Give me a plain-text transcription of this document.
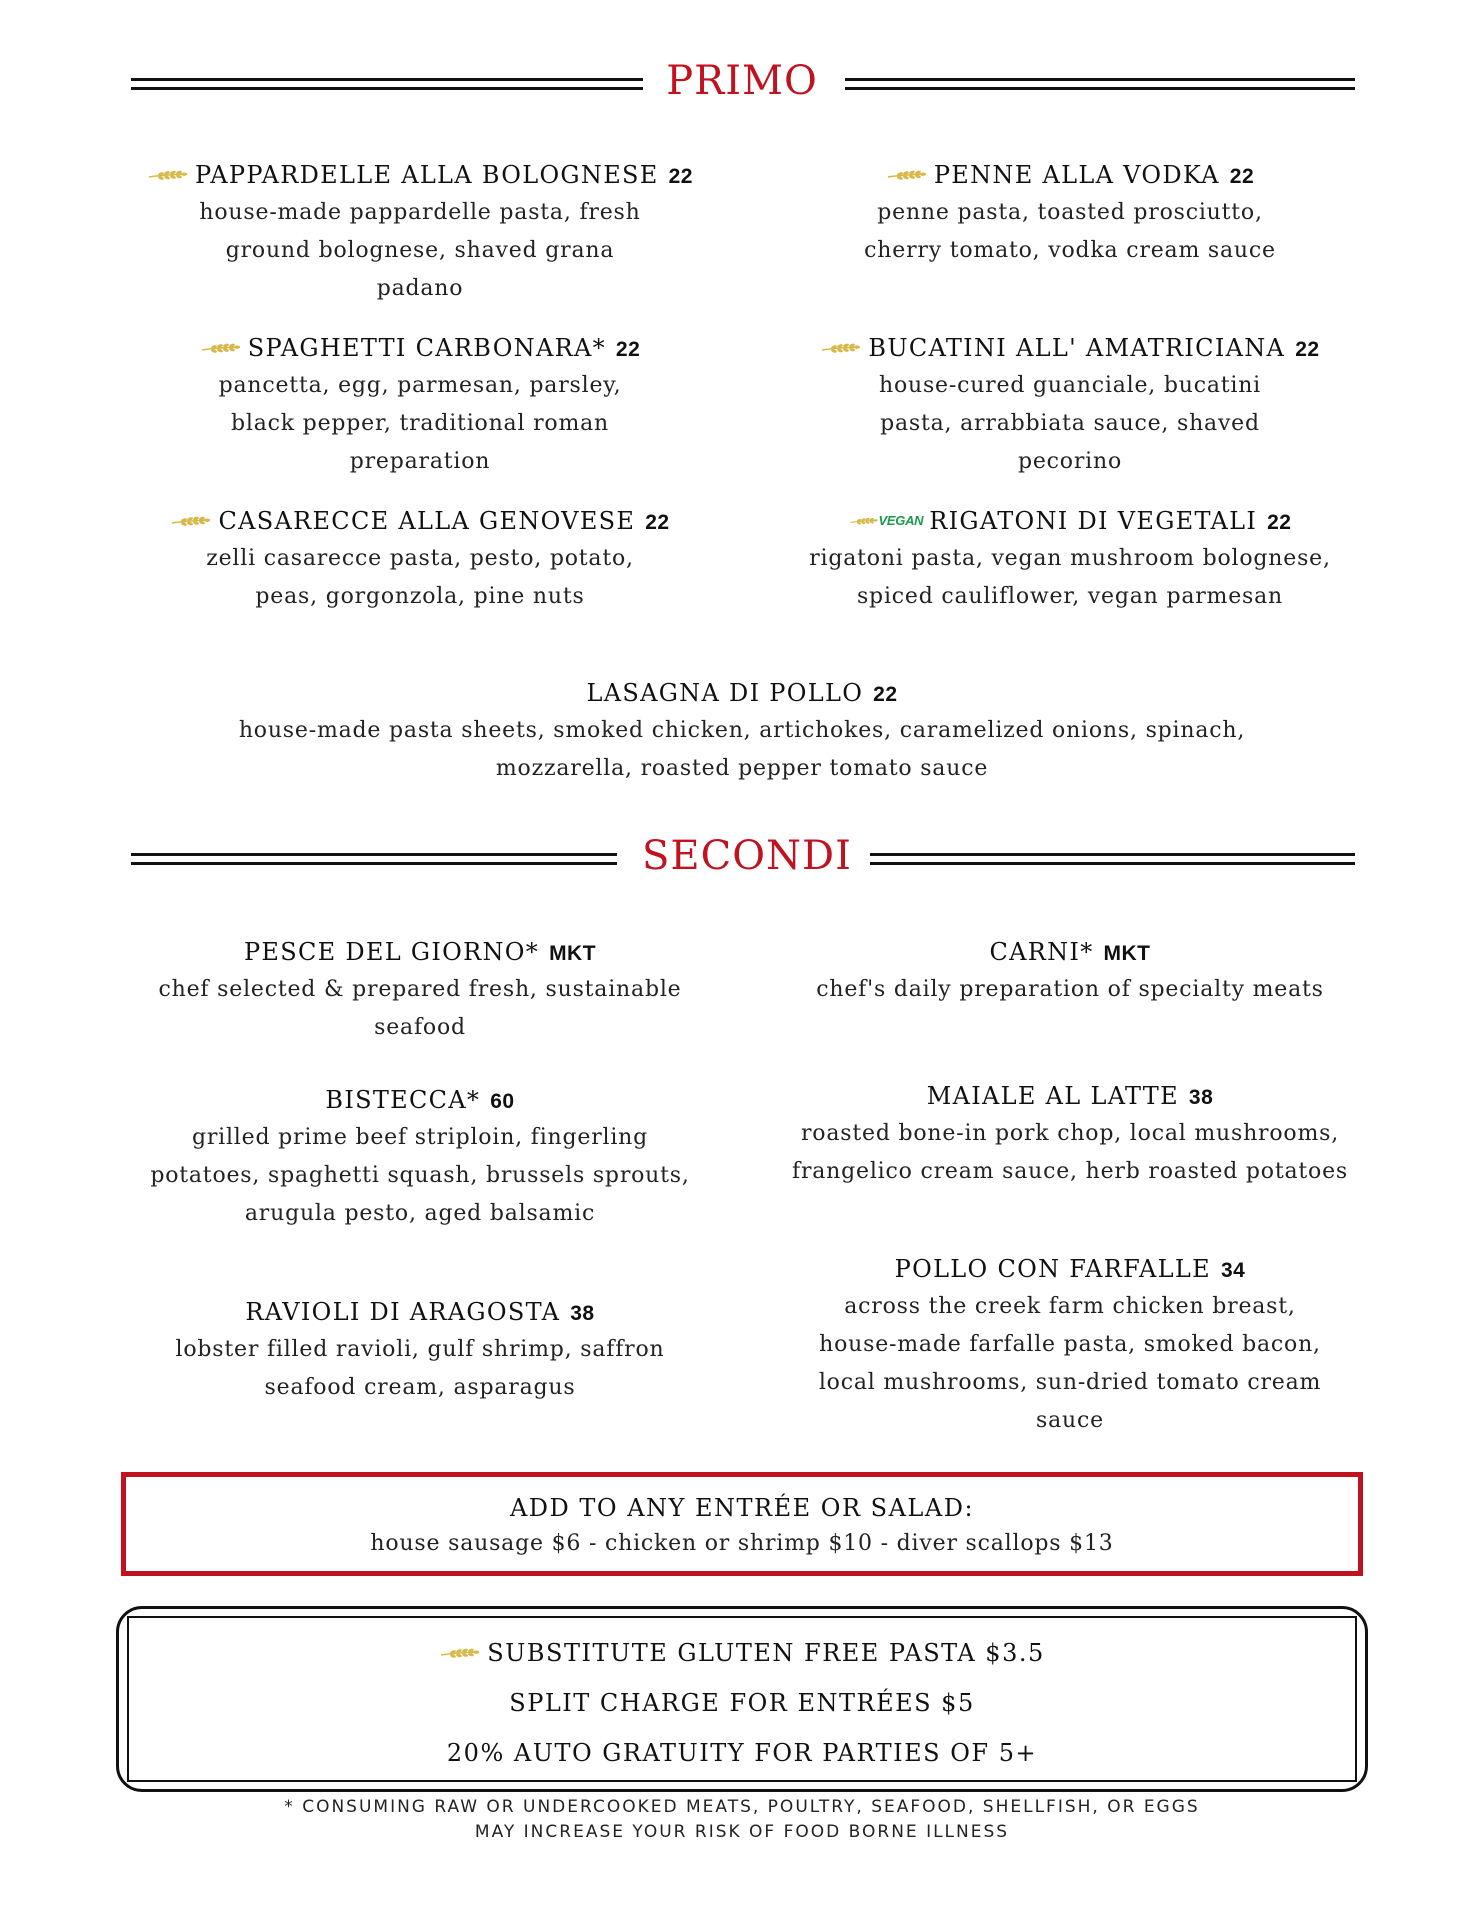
PRIMO
PAPPARDELLE ALLA BOLOGNESE 22
house-made pappardelle pasta, fresh ground bolognese, shaved grana padano
PENNE ALLA VODKA 22
penne pasta, toasted prosciutto, cherry tomato, vodka cream sauce
SPAGHETTI CARBONARA* 22
pancetta, egg, parmesan, parsley, black pepper, traditional roman preparation
BUCATINI ALL' AMATRICIANA 22
house-cured guanciale, bucatini pasta, arrabbiata sauce, shaved pecorino
CASARECCE ALLA GENOVESE 22
zelli casarecce pasta, pesto, potato, peas, gorgonzola, pine nuts
VEGAN RIGATONI DI VEGETALI 22
rigatoni pasta, vegan mushroom bolognese, spiced cauliflower, vegan parmesan
LASAGNA DI POLLO 22
house-made pasta sheets, smoked chicken, artichokes, caramelized onions, spinach, mozzarella, roasted pepper tomato sauce
SECONDI
PESCE DEL GIORNO* MKT
chef selected & prepared fresh, sustainable seafood
CARNI* MKT
chef's daily preparation of specialty meats
BISTECCA* 60
grilled prime beef striploin, fingerling potatoes, spaghetti squash, brussels sprouts, arugula pesto, aged balsamic
MAIALE AL LATTE 38
roasted bone-in pork chop, local mushrooms, frangelico cream sauce, herb roasted potatoes
RAVIOLI DI ARAGOSTA 38
lobster filled ravioli, gulf shrimp, saffron seafood cream, asparagus
POLLO CON FARFALLE 34
across the creek farm chicken breast, house-made farfalle pasta, smoked bacon, local mushrooms, sun-dried tomato cream sauce
ADD TO ANY ENTRÉE OR SALAD:
house sausage $6 - chicken or shrimp $10 - diver scallops $13
SUBSTITUTE GLUTEN FREE PASTA $3.5
SPLIT CHARGE FOR ENTRÉES $5
20% AUTO GRATUITY FOR PARTIES OF 5+
* CONSUMING RAW OR UNDERCOOKED MEATS, POULTRY, SEAFOOD, SHELLFISH, OR EGGS
MAY INCREASE YOUR RISK OF FOOD BORNE ILLNESS
